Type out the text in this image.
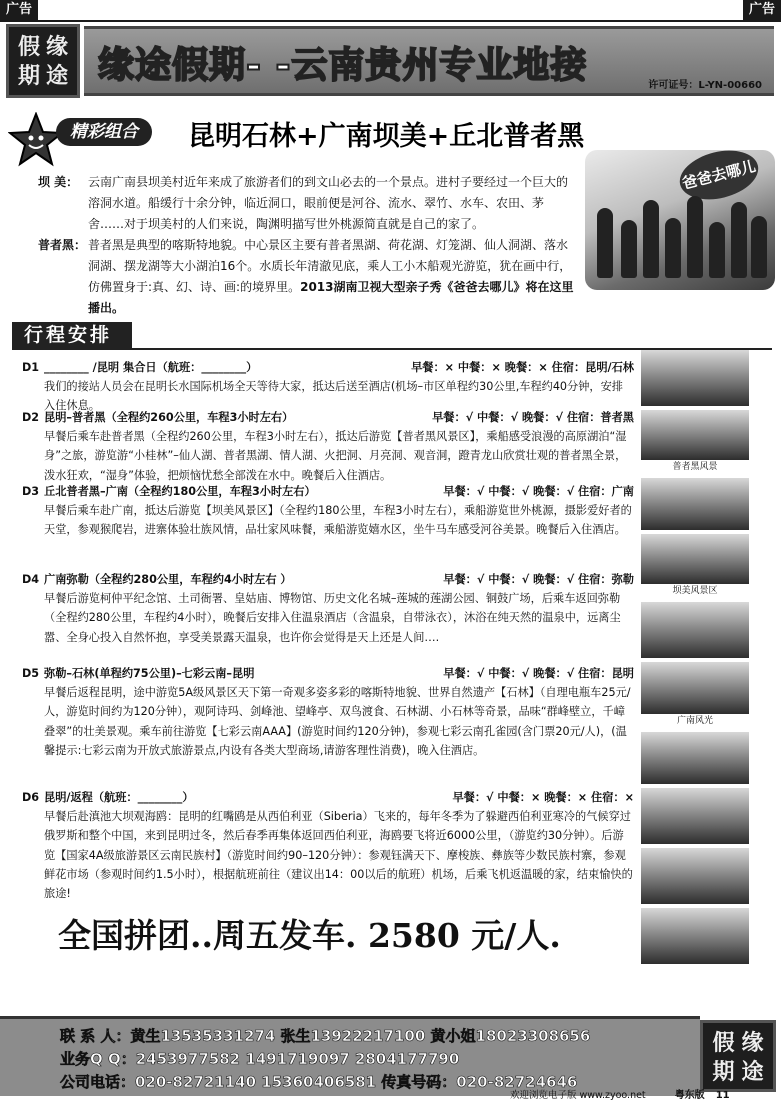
广告	广告
假 缘
期 途 缘途假期- -云南贵州专业地接	许可证号：L-YN-00660
精彩组合	昆明石林+广南坝美+丘北普者黑
坝 美： 云南广南县坝美村近年来成了旅游者们的到文山必去的一个景点。进村子要经过一个巨大的溶洞水道。船缓行十余分钟，临近洞口，眼前便是河谷、流水、翠竹、水车、农田、茅舍……对于坝美村的人们来说，陶渊明描写世外桃源简直就是自己的家了。
普者黑： 普者黑是典型的喀斯特地貌。中心景区主要有普者黑湖、荷花湖、灯笼湖、仙人洞湖、落水洞湖、摆龙湖等大小湖泊16个。水质长年清澈见底，乘人工小木船观光游览，犹在画中行，仿佛置身于:真、幻、诗、画:的境界里。2013湖南卫视大型亲子秀《爸爸去哪儿》将在这里播出。
爸爸去哪儿
行程安排
D1 ________ /昆明 集合日（航班：________）	早餐：× 中餐：× 晚餐：× 住宿：昆明/石林

我们的接站人员会在昆明长水国际机场全天等待大家，抵达后送至酒店(机场–市区单程约30公里,车程约40分钟，安排入住休息。

D2 昆明–普者黑（全程约260公里，车程3小时左右）	早餐：√ 中餐：√ 晚餐：√ 住宿：普者黑

早餐后乘车赴普者黑（全程约260公里，车程3小时左右），抵达后游览【普者黑风景区】，乘船感受浪漫的高原湖泊“湿身”之旅，游览游“小桂林”–仙人湖、普者黑湖、情人湖、火把洞、月亮洞、观音洞，蹬青龙山欣赏壮观的普者黑全景，泼水狂欢，“湿身”体验，把烦恼忧愁全部泼在水中。晚餐后入住酒店。

D3 丘北普者黑–广南（全程约180公里，车程3小时左右）	早餐：√ 中餐：√ 晚餐：√ 住宿：广南

早餐后乘车赴广南，抵达后游览【坝美风景区】（全程约180公里，车程3小时左右），乘船游览世外桃源，摄影爱好者的天堂，参观猴爬岩，进寨体验壮族风情，品壮家风味餐，乘船游览嬉水区，坐牛马车感受河谷美景。晚餐后入住酒店。

D4 广南弥勒（全程约280公里，车程约4小时左右 ）	早餐：√ 中餐：√ 晚餐：√ 住宿：弥勒

早餐后游览柯仲平纪念馆、土司衙署、皇姑庙、博物馆、历史文化名城–莲城的莲湖公园、铜鼓广场，后乘车返回弥勒（全程约280公里，车程约4小时），晚餐后安排入住温泉酒店（含温泉，自带泳衣），沐浴在纯天然的温泉中，远离尘嚣、全身心投入自然怀抱，享受美景露天温泉，也许你会觉得是天上还是人间….

D5 弥勒–石林(单程约75公里)–七彩云南–昆明	早餐：√ 中餐：√ 晚餐：√ 住宿：昆明

早餐后返程昆明，途中游览5A级风景区天下第一奇观多姿多彩的喀斯特地貌、世界自然遗产【石林】（自理电瓶车25元/人，游览时间约为120分钟），观阿诗玛、剑峰池、望峰亭、双鸟渡食、石林湖、小石林等奇景，品味“群峰壁立，千嶂叠翠”的壮美景观。乘车前往游览【七彩云南AAA】(游览时间约120分钟)，参观七彩云南孔雀园(含门票20元/人)，(温馨提示:七彩云南为开放式旅游景点,内设有各类大型商场,请游客理性消费)，晚入住酒店。

D6 昆明/返程（航班：________）	早餐：√ 中餐：× 晚餐：× 住宿：×

早餐后赴滇池大坝观海鸥：昆明的红嘴鸥是从西伯利亚（Siberia）飞来的，每年冬季为了躲避西伯利亚寒冷的气候穿过 俄罗斯和整个中国，来到昆明过冬，然后春季再集体返回西伯利亚，海鸥要飞将近6000公里，（游览约30分钟）。后游览【国家4A级旅游景区云南民族村】（游览时间约90–120分钟）：参观钰满天下、摩梭族、彝族等少数民族村寨，参观鲜花市场（参观时间约1.5小时），根据航班前往（建议出14：00以后的航班）机场，后乘飞机返温暖的家，结束愉快的旅途!

普者黑风景
坝美风景区
广南风光
全国拼团..周五发车. 2580 元/人.
联 系 人：黄生13535331274 张生13922217100 黄小姐18023308656
业务Q Q：2453977582 1491719097 2804177790
公司电话：020-82721140 15360406581 传真号码：020-82724646
假 缘
期 途
欢迎浏览电子版 www.zyoo.net	粤东版 11
